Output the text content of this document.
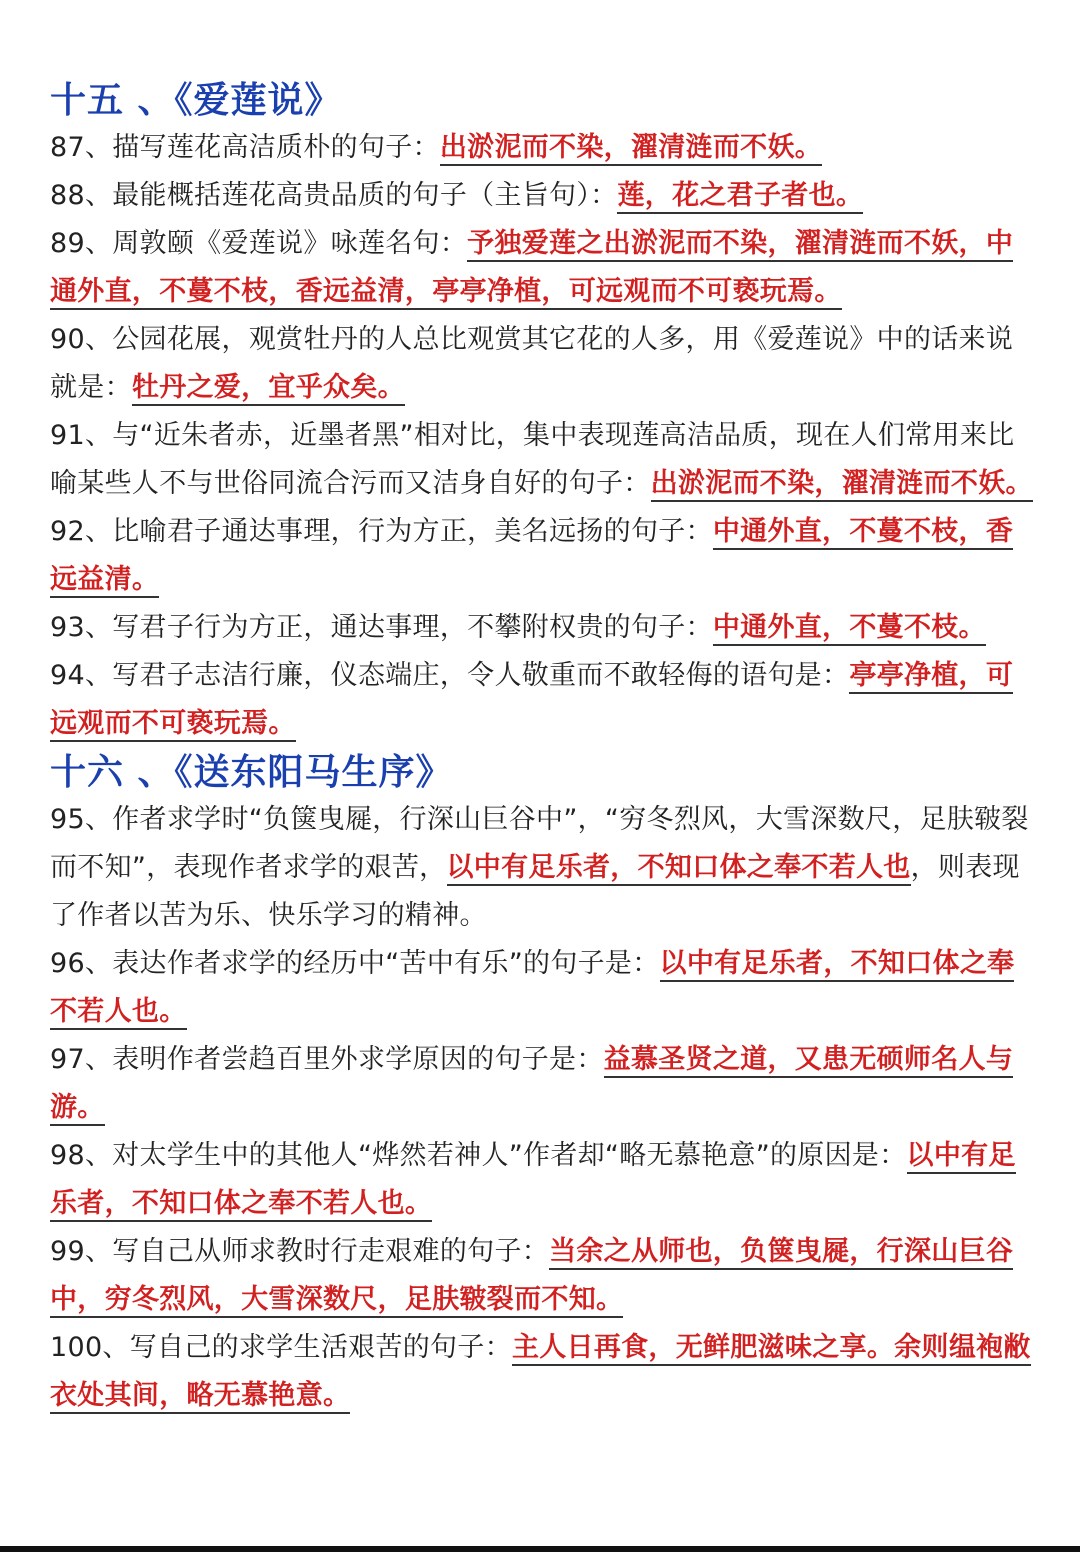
十五 、《爱莲说》

87、描写莲花高洁质朴的句子：出淤泥而不染，濯清涟而不妖。

88、最能概括莲花高贵品质的句子（主旨句）：莲，花之君子者也。

89、周敦颐《爱莲说》咏莲名句：予独爱莲之出淤泥而不染，濯清涟而不妖，中通外直，不蔓不枝，香远益清，亭亭净植，可远观而不可亵玩焉。

90、公园花展，观赏牡丹的人总比观赏其它花的人多，用《爱莲说》中的话来说就是：牡丹之爱，宜乎众矣。

91、与“近朱者赤，近墨者黑”相对比，集中表现莲高洁品质，现在人们常用来比喻某些人不与世俗同流合污而又洁身自好的句子：出淤泥而不染，濯清涟而不妖。

92、比喻君子通达事理，行为方正，美名远扬的句子：中通外直，不蔓不枝，香远益清。

93、写君子行为方正，通达事理，不攀附权贵的句子：中通外直，不蔓不枝。

94、写君子志洁行廉，仪态端庄，令人敬重而不敢轻侮的语句是：亭亭净植，可远观而不可亵玩焉。

十六 、《送东阳马生序》

95、作者求学时“负箧曳屣，行深山巨谷中”，“穷冬烈风，大雪深数尺，足肤皲裂而不知”，表现作者求学的艰苦，以中有足乐者，不知口体之奉不若人也，则表现了作者以苦为乐、快乐学习的精神。

96、表达作者求学的经历中“苦中有乐”的句子是：以中有足乐者，不知口体之奉不若人也。

97、表明作者尝趋百里外求学原因的句子是：益慕圣贤之道，又患无硕师名人与游。

98、对太学生中的其他人“烨然若神人”作者却“略无慕艳意”的原因是：以中有足乐者，不知口体之奉不若人也。

99、写自己从师求教时行走艰难的句子：当余之从师也，负箧曳屣，行深山巨谷中，穷冬烈风，大雪深数尺，足肤皲裂而不知。

100、写自己的求学生活艰苦的句子：主人日再食，无鲜肥滋味之享。余则缊袍敝衣处其间，略无慕艳意。
